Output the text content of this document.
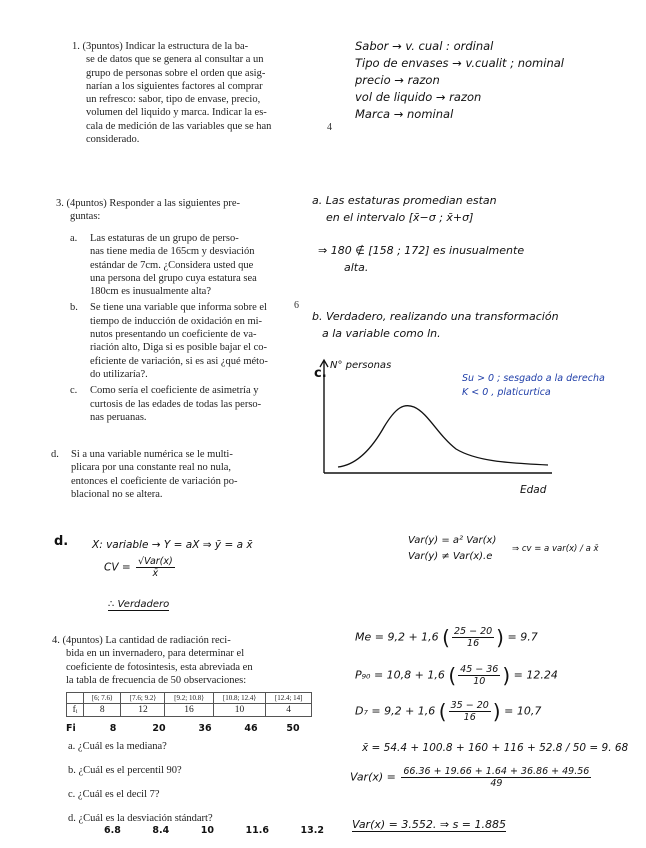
1. (3puntos) Indicar la estructura de la ba-
se de datos que se genera al consultar a un
grupo de personas sobre el orden que asig-
narían a los siguientes factores al comprar
un refresco: sabor, tipo de envase, precio,
volumen del liquido y marca. Indicar la es-
cala de medición de las variables que se han
considerado.
4
Sabor → v. cual : ordinal
Tipo de envases → v.cualit ; nominal
precio → razon
vol de liquido → razon
Marca → nominal
3. (4puntos) Responder a las siguientes pre-
guntas:
a.	Las estaturas de un grupo de perso-
nas tiene media de 165cm y desviación
estándar de 7cm. ¿Considera usted que
una persona del grupo cuya estatura sea
180cm es inusualmente alta?
b.	Se tiene una variable que informa sobre el
tiempo de inducción de oxidación en mi-
nutos presentando un coeficiente de va-
riación alto, Diga si es posible bajar el co-
eficiente de variación, si es asi ¿qué méto-
do utilizaría?.
c.	Como sería el coeficiente de asimetría y
curtosis de las edades de todas las perso-
nas peruanas.
d.	Si a una variable numérica se le multi-
plicara por una constante real no nula,
entonces el coeficiente de variación po-
blacional no se altera.
6
a. Las estaturas promedian estan
en el intervalo [x̄−σ ; x̄+σ]
⇒ 180 ∉ [158 ; 172] es inusualmente
alta.
b. Verdadero, realizando una transformación
a la variable como ln.
c.
N° personas
Edad
Su > 0 ; sesgado a la derecha
K < 0 , platicurtica
d. X: variable → Y = aX ⇒ ȳ = a x̄	Var(y) = a² Var(x)
Var(y) ≠ Var(x).e
⇒ cv = a var(x) / a x̄
CV = $\frac{\text{√Var(x)}}{x̄}$
∴ Verdadero
4. (4puntos) La cantidad de radiación reci-
bida en un invernadero, para determinar el
coeficiente de fotosintesis, esta abreviada en
la tabla de frecuencia de 50 observaciones:
	[6; 7.6⟩	[7.6; 9.2⟩	[9.2; 10.8⟩	[10.8; 12.4⟩	[12.4; 14]
fᵢ	8	12	16	10	4
Fi	8	20	36	46	50
a. ¿Cuál es la mediana?
b. ¿Cuál es el percentil 90?
c. ¿Cuál es el decil 7?
d. ¿Cuál es la desviación stándart?
6.8	8.4	10	11.6	13.2
Me = 9,2 + 1,6 ( $\frac{25 - 20}{16}$ ) = 9.7
P₉₀ = 10,8 + 1,6 ( $\frac{45 - 36}{10}$ ) = 12.24
D₇ = 9,2 + 1,6 ( $\frac{35 - 20}{16}$ ) = 10,7
x̄ = 54.4 + 100.8 + 160 + 116 + 52.8 / 50 = 9. 68
$Var(x) = \frac{66.36 + 19.66 + 1.64 + 36.86 + 49.56}{49}$
Var(x) = 3.552. ⇒ s = 1.885
